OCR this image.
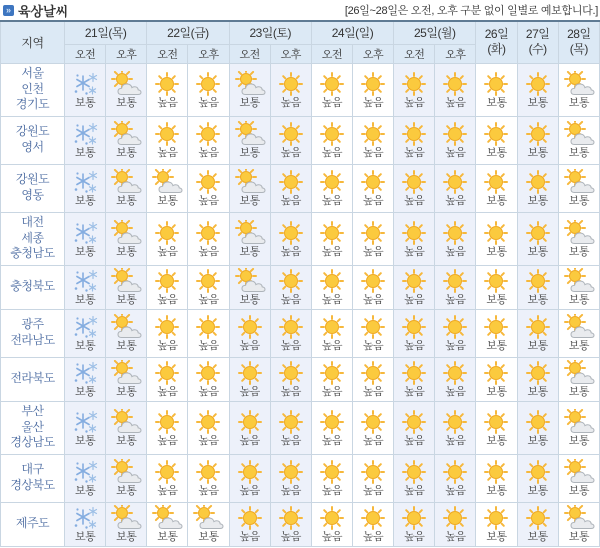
» 육상날씨	[26일~28일은 오전, 오후 구분 없이 일별로 예보합니다.]
지역	21일(목)		22일(금)		23일(토)		24일(일)		25일(월)		26일
(화)	27일
(수)	28일
(목)
	오전	오후	오전	오후	오전	오후	오전	오후	오전	오후			
서울
인천
경기도	보통	보통	높음	높음	보통	높음	높음	높음	높음	높음	보통	보통	보통

강원도
영서	보통	보통	높음	높음	보통	높음	높음	높음	높음	높음	보통	보통	보통

강원도
영동	보통	보통	보통	높음	보통	높음	높음	높음	높음	높음	보통	보통	보통

대전
세종
충청남도	보통	보통	높음	높음	보통	높음	높음	높음	높음	높음	보통	보통	보통

충청북도	보통	보통	높음	높음	보통	높음	높음	높음	높음	높음	보통	보통	보통

광주
전라남도	보통	보통	높음	높음	높음	높음	높음	높음	높음	높음	보통	보통	보통

전라북도	보통	보통	높음	높음	높음	높음	높음	높음	높음	높음	보통	보통	보통

부산
울산
경상남도	보통	보통	높음	높음	높음	높음	높음	높음	높음	높음	보통	보통	보통

대구
경상북도	보통	보통	높음	높음	높음	높음	높음	높음	높음	높음	보통	보통	보통

제주도	보통	보통	보통	보통	높음	높음	높음	높음	높음	높음	보통	보통	보통
